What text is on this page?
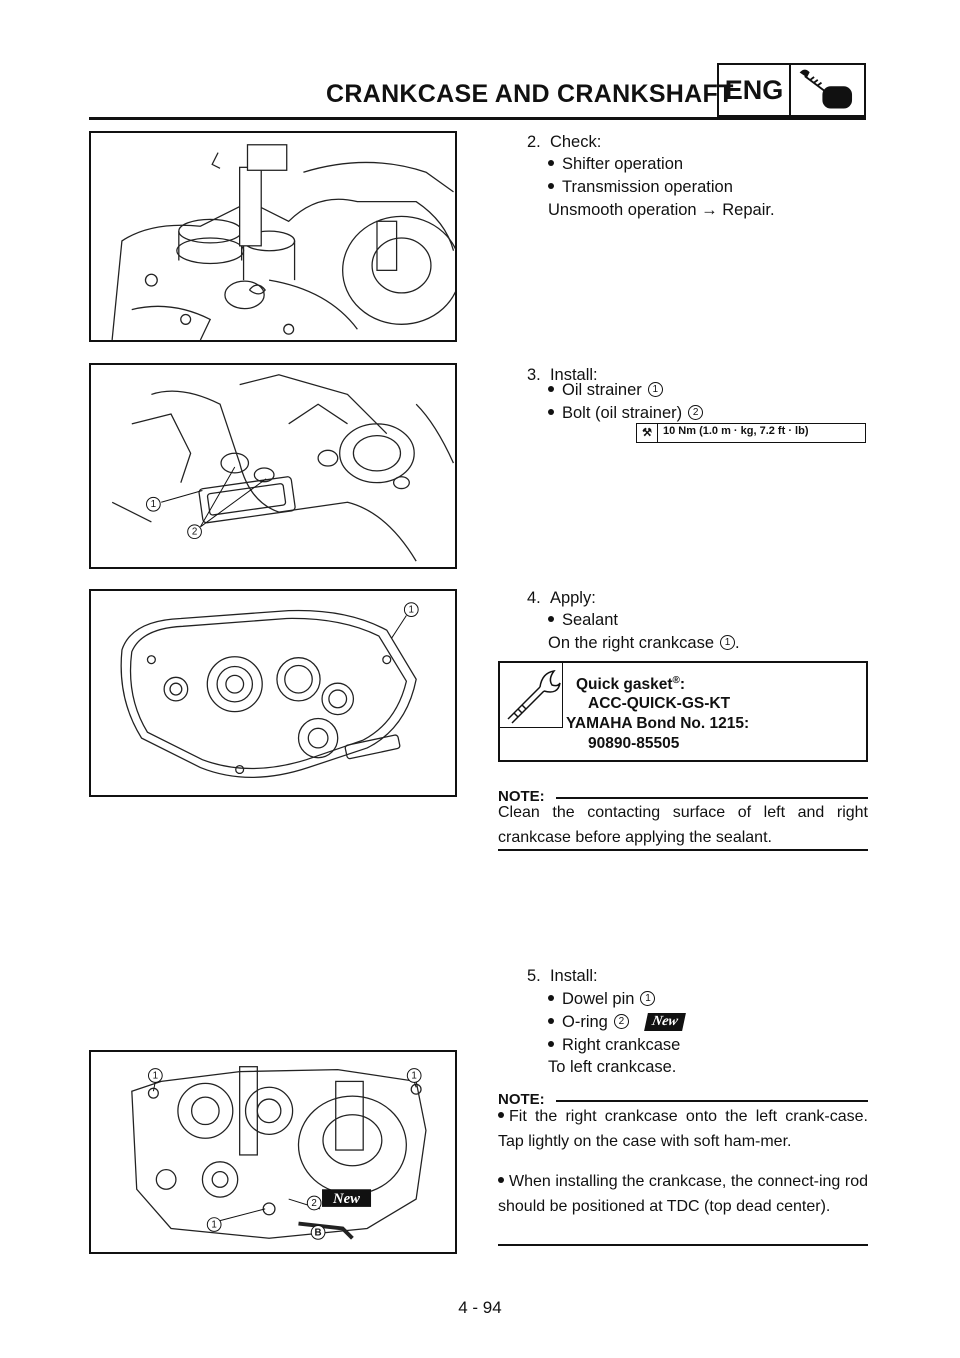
CRANKCASE AND CRANKSHAFT
ENG
1
2
1
1	1
2
1
B
New
2. Check:
Shifter operation
Transmission operation
Unsmooth operation → Repair.
3. Install:
Oil strainer 1
Bolt (oil strainer) 2
⚒	10 Nm (1.0 m · kg, 7.2 ft · lb)
4. Apply:
Sealant
On the right crankcase 1 .
Quick gasket®:
ACC-QUICK-GS-KT
YAMAHA Bond No. 1215:
90890-85505
NOTE:
Clean the contacting surface of left and right crankcase before applying the sealant.
5. Install:
Dowel pin 1
O-ring 2	New
Right crankcase
To left crankcase.
NOTE:
Fit the right crankcase onto the left crank-case. Tap lightly on the case with soft ham-mer.
When installing the crankcase, the connect-ing rod should be positioned at TDC (top dead center).
4 - 94
